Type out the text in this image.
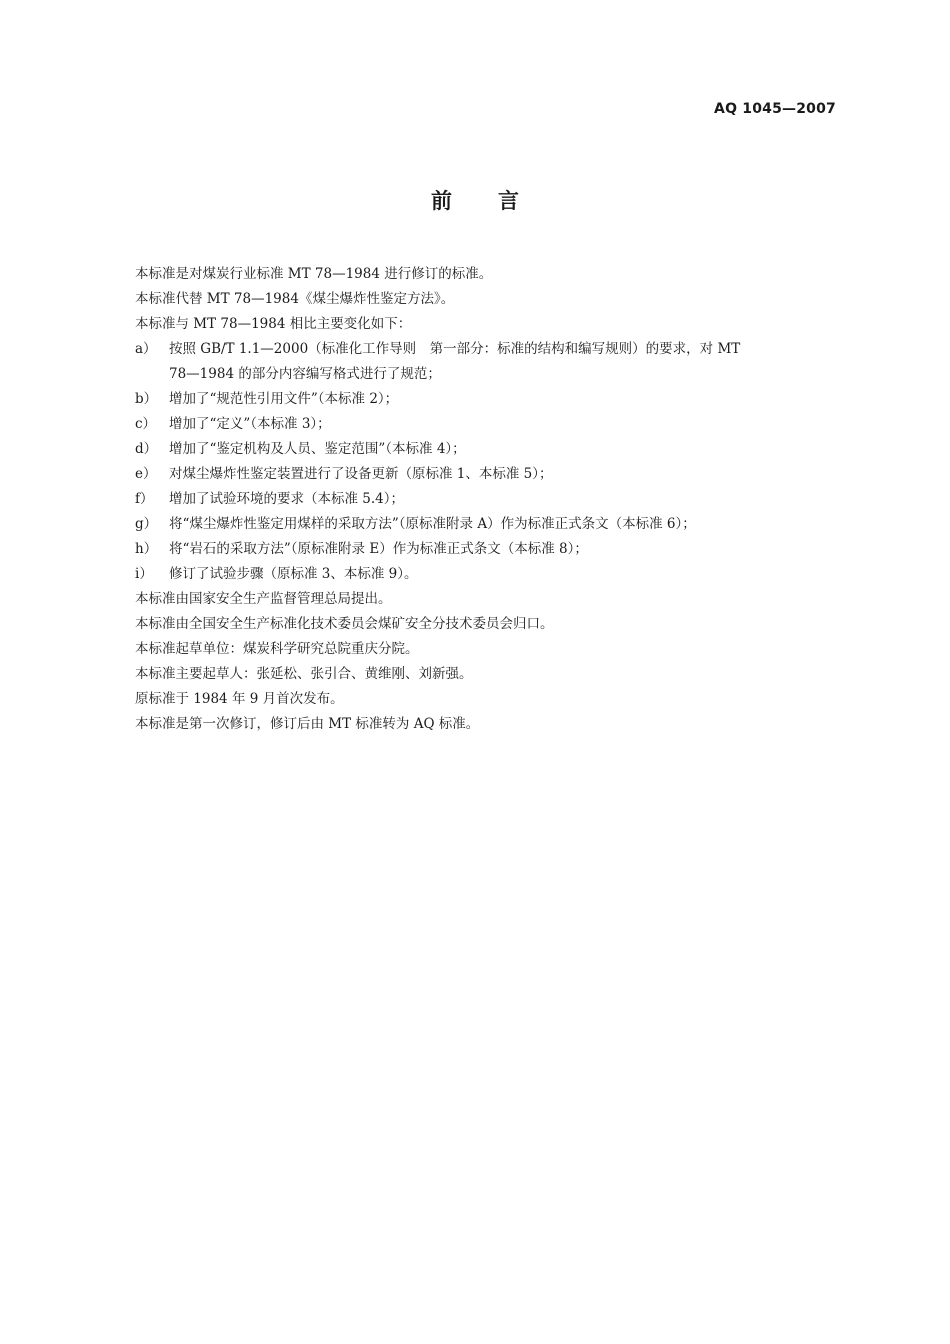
AQ 1045—2007
前言
本标准是对煤炭行业标准 MT 78—1984 进行修订的标准。
本标准代替 MT 78—1984《煤尘爆炸性鉴定方法》。
本标准与 MT 78—1984 相比主要变化如下：
a） 按照 GB/T 1.1—2000（标准化工作导则　第一部分：标准的结构和编写规则）的要求，对 MT
78—1984 的部分内容编写格式进行了规范；
b） 增加了“规范性引用文件”（本标准 2）；
c） 增加了“定义”（本标准 3）；
d） 增加了“鉴定机构及人员、鉴定范围”（本标准 4）；
e） 对煤尘爆炸性鉴定装置进行了设备更新（原标准 1、本标准 5）；
f）	增加了试验环境的要求（本标准 5.4）；
g） 将“煤尘爆炸性鉴定用煤样的采取方法”（原标准附录 A）作为标准正式条文（本标准 6）；
h） 将“岩石的采取方法”（原标准附录 E）作为标准正式条文（本标准 8）；
i）	修订了试验步骤（原标准 3、本标准 9）。
本标准由国家安全生产监督管理总局提出。
本标准由全国安全生产标准化技术委员会煤矿安全分技术委员会归口。
本标准起草单位：煤炭科学研究总院重庆分院。
本标准主要起草人：张延松、张引合、黄维刚、刘新强。
原标准于 1984 年 9 月首次发布。
本标准是第一次修订，修订后由 MT 标准转为 AQ 标准。
